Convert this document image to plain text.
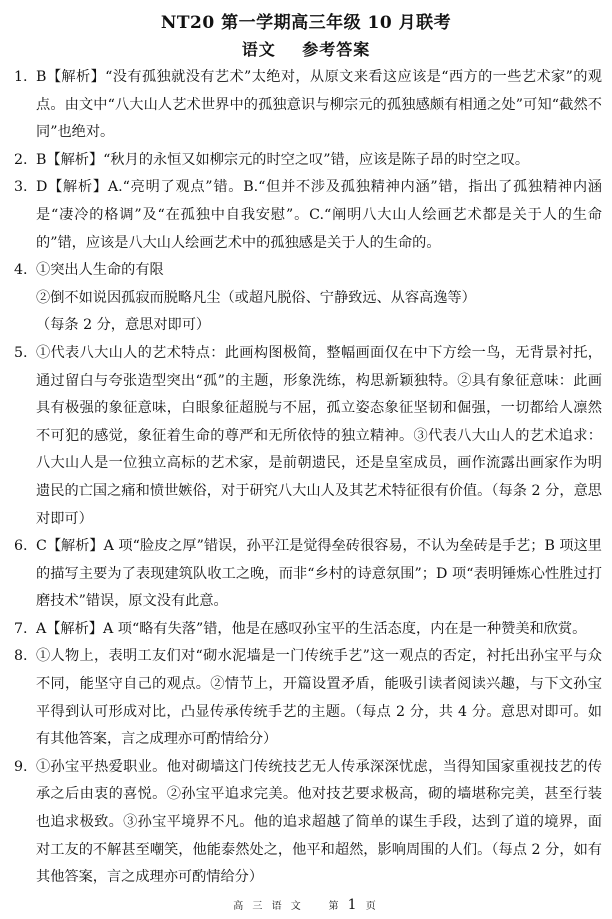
NT20 第一学期高三年级 10 月联考
语文 参考答案
1. B【解析】“没有孤独就没有艺术”太绝对，从原文来看这应该是“西方的一些艺术家”的观点。由文中“八大山人艺术世界中的孤独意识与柳宗元的孤独感颇有相通之处”可知“截然不同”也绝对。

2. B【解析】“秋月的永恒又如柳宗元的时空之叹”错，应该是陈子昂的时空之叹。

3. D【解析】A.“亮明了观点”错。B.“但并不涉及孤独精神内涵”错，指出了孤独精神内涵是“凄冷的格调”及“在孤独中自我安慰”。C.“阐明八大山人绘画艺术都是关于人的生命的”错，应该是八大山人绘画艺术中的孤独感是关于人的生命的。

4. ①突出人生命的有限

②倒不如说因孤寂而脱略凡尘（或超凡脱俗、宁静致远、从容高逸等）

（每条 2 分，意思对即可）

5. ①代表八大山人的艺术特点：此画构图极简，整幅画面仅在中下方绘一鸟，无背景衬托，通过留白与夸张造型突出“孤”的主题，形象洗练，构思新颖独特。②具有象征意味：此画具有极强的象征意味，白眼象征超脱与不屈，孤立姿态象征坚韧和倔强，一切都给人凛然不可犯的感觉，象征着生命的尊严和无所依恃的独立精神。③代表八大山人的艺术追求：八大山人是一位独立高标的艺术家，是前朝遗民，还是皇室成员，画作流露出画家作为明遗民的亡国之痛和愤世嫉俗，对于研究八大山人及其艺术特征很有价值。（每条 2 分，意思对即可）

6. C【解析】A 项“脸皮之厚”错误，孙平江是觉得垒砖很容易，不认为垒砖是手艺；B 项这里的描写主要为了表现建筑队收工之晚，而非“乡村的诗意氛围”；D 项“表明锤炼心性胜过打磨技术”错误，原文没有此意。

7. A【解析】A 项“略有失落”错，他是在感叹孙宝平的生活态度，内在是一种赞美和欣赏。

8. ①人物上，表明工友们对“砌水泥墙是一门传统手艺”这一观点的否定，衬托出孙宝平与众不同，能坚守自己的观点。②情节上，开篇设置矛盾，能吸引读者阅读兴趣，与下文孙宝平得到认可形成对比，凸显传承传统手艺的主题。（每点 2 分，共 4 分。意思对即可。如有其他答案，言之成理亦可酌情给分）

9. ①孙宝平热爱职业。他对砌墙这门传统技艺无人传承深深忧虑，当得知国家重视技艺的传承之后由衷的喜悦。②孙宝平追求完美。他对技艺要求极高，砌的墙堪称完美，甚至行装也追求极致。③孙宝平境界不凡。他的追求超越了简单的谋生手段，达到了道的境界，面对工友的不解甚至嘲笑，他能泰然处之，他平和超然，影响周围的人们。（每点 2 分，如有其他答案，言之成理亦可酌情给分）

高 三 语 文 第 1 页
